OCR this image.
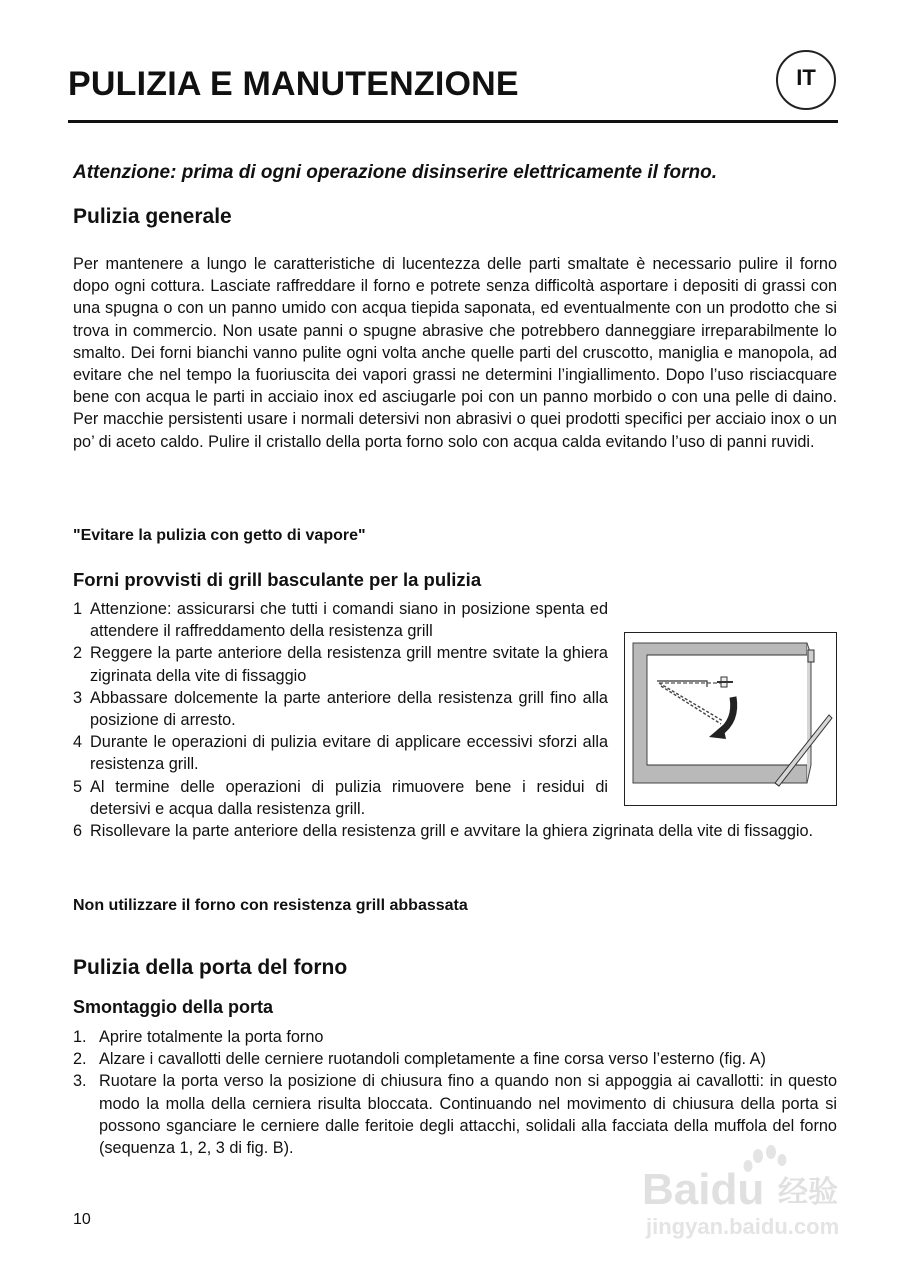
PULIZIA E MANUTENZIONE	IT
Attenzione: prima di ogni operazione disinserire elettricamente il forno.
Pulizia generale
Per mantenere a lungo le caratteristiche di lucentezza delle parti smaltate è necessario pulire il forno dopo ogni cottura. Lasciate raffreddare il forno e potrete senza difficoltà asportare i depositi di grassi con una spugna o con un panno umido con acqua tiepida saponata, ed eventualmente con un prodotto che si trova in commercio. Non usate panni o spugne abrasive che potrebbero danneggiare irreparabilmente lo smalto. Dei forni bianchi vanno pulite ogni volta anche quelle parti del cruscotto, maniglia e manopola, ad evitare che nel tempo la fuoriuscita dei vapori grassi ne determini l’ingiallimento. Dopo l’uso risciacquare bene con acqua le parti in acciaio inox ed asciugarle poi con un panno morbido o con una pelle di daino. Per macchie persistenti usare i normali detersivi non abrasivi o quei prodotti specifici per acciaio inox o un po’ di aceto caldo. Pulire il cristallo della porta forno solo con acqua calda evitando l’uso di panni ruvidi.
"Evitare la pulizia con getto di vapore"
Forni provvisti di grill basculante per la pulizia
1 Attenzione: assicurarsi che tutti i comandi siano in posizione spenta ed attendere il raffreddamento della resistenza grill
2 Reggere la parte anteriore della resistenza grill mentre svitate la ghiera zigrinata della vite di fissaggio
3 Abbassare dolcemente la parte anteriore della resistenza grill fino alla posizione di arresto.
4 Durante le operazioni di pulizia evitare di applicare eccessivi sforzi alla resistenza grill.
5 Al termine delle operazioni di pulizia rimuovere bene i residui di detersivi e acqua dalla resistenza grill.
6 Risollevare la parte anteriore della resistenza grill e avvitare la ghiera zigrinata della vite di fissaggio.
Non utilizzare il forno con resistenza grill abbassata
Pulizia della porta del forno
Smontaggio della porta
1. Aprire totalmente la porta forno
2. Alzare i cavallotti delle cerniere ruotandoli completamente a fine corsa verso l’esterno (fig. A)
3. Ruotare la porta verso la posizione di chiusura fino a quando non si appoggia ai cavallotti: in questo modo la molla della cerniera risulta bloccata. Continuando nel movimento di chiusura della porta si possono sganciare le cerniere dalle feritoie degli attacchi, solidali alla facciata della muffola del forno (sequenza 1, 2, 3 di fig. B).
10
Baidu 经验
jingyan.baidu.com
